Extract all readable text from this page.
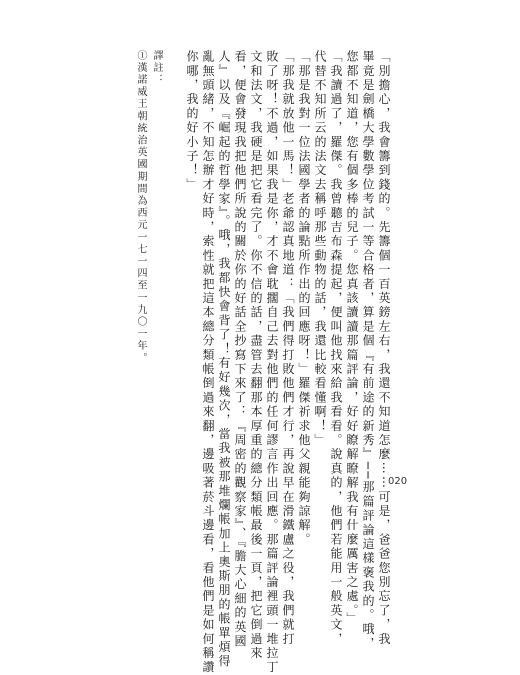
「別擔心，我會籌到錢的。先籌個一百英鎊左右，我還不知道怎麼⋯⋯可是，爸爸您別忘了，我

畢竟是劍橋大學數學位考試一等合格者，算是個『有前途的新秀』──那篇評論這樣褒我的。哦，

您都不知道，您有個多棒的兒子。您真該讀讀那篇評論，好好瞭解瞭解我有什麼厲害之處。」

「我讀過了，羅傑。我曾聽吉布森提起，便叫他找來給我看看。說真的，他們若能用一般英文，

代替不知所云的法文去稱呼那些動物的話，我還比較看懂啊！」

「那是我對一位法國學者的論點所作出的回應呀！」羅傑祈求他父親能夠諒解。

「那我就放他一馬！」老爺認真地道：「我們得打敗他們才行，再說早在滑鐵盧之役，我們就打

敗了呀！不過，如果我是你，才不會耽擱自己去對他們的任何謬言作出回應。那篇評論裡頭一堆拉丁

文和法文，我硬是把它看完了。你不信的話，盡管去翻那本厚重的總分類帳最後一頁，把它倒過來

看，便會發現我把他們所說的關於你的好話全抄寫下來了：『周密的觀察家』、『膽大心細的英國

人』以及『崛起的哲學家』。哦，我都快會背了！有好幾次，當我被那堆爛帳加上奧斯朋的帳單煩得

亂無頭緒，不知怎辦才好時，索性就把這本總分類帳倒過來翻，邊吸著菸斗邊看，看他們是如何稱讚

你哪，我的好小子！」

譯註：

①漢諾威王朝統治英國期間為西元一七一四至一九〇一年。

020
